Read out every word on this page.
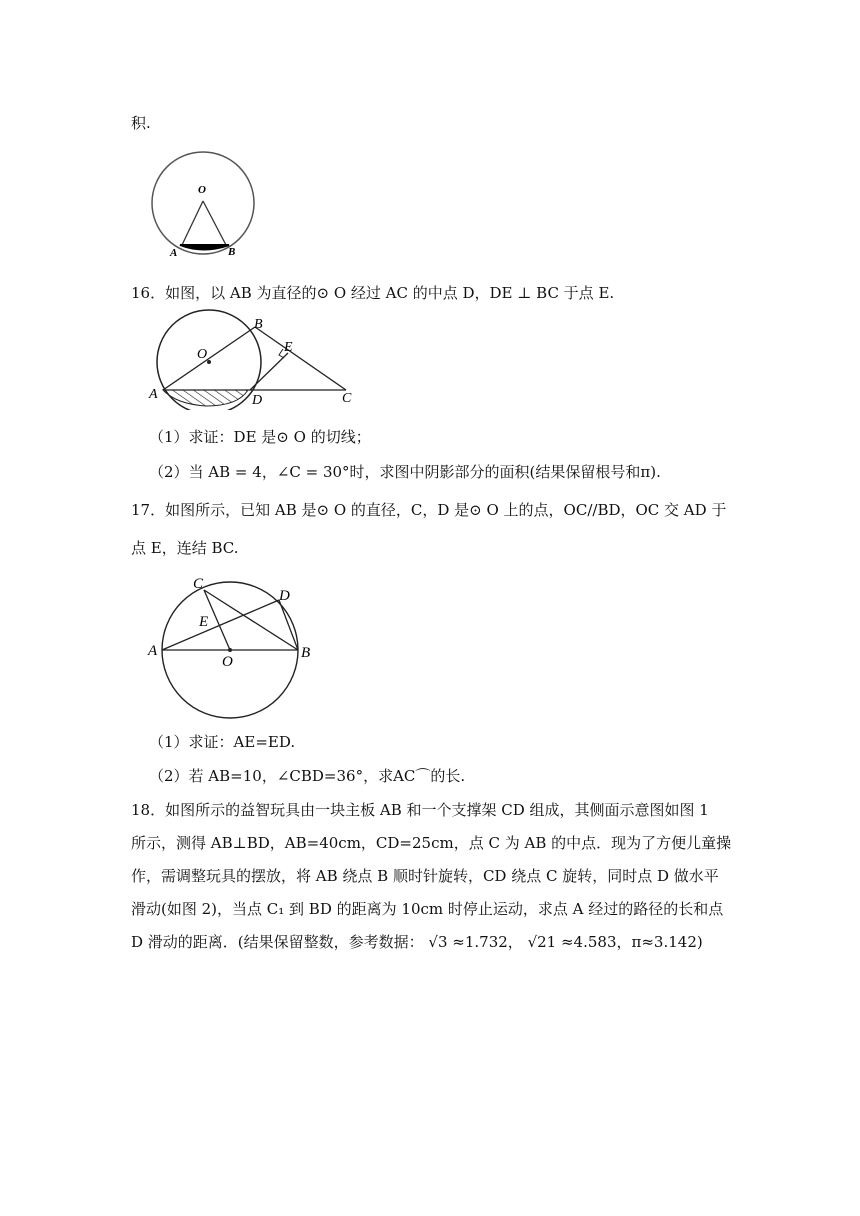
积.
O
A	B
16．如图，以 AB 为直径的⊙ O 经过 AC 的中点 D，DE ⊥ BC 于点 E.
O
B
E
A	D	C
（1）求证：DE 是⊙ O 的切线；
（2）当 AB = 4，∠C = 30°时，求图中阴影部分的面积(结果保留根号和π).
17．如图所示，已知 AB 是⊙ O 的直径，C，D 是⊙ O 上的点，OC//BD，OC 交 AD 于
点 E，连结 BC.
C
D
E
A
O
B
（1）求证：AE=ED.
（2）若 AB=10，∠CBD=36°，求AC⌒的长.
18．如图所示的益智玩具由一块主板 AB 和一个支撑架 CD 组成，其侧面示意图如图 1
所示，测得 AB⊥BD，AB=40cm，CD=25cm，点 C 为 AB 的中点．现为了方便儿童操
作，需调整玩具的摆放，将 AB 绕点 B 顺时针旋转，CD 绕点 C 旋转，同时点 D 做水平
滑动(如图 2)，当点 C₁ 到 BD 的距离为 10cm 时停止运动，求点 A 经过的路径的长和点
D 滑动的距离．(结果保留整数，参考数据： √3 ≈1.732， √21 ≈4.583，π≈3.142)
